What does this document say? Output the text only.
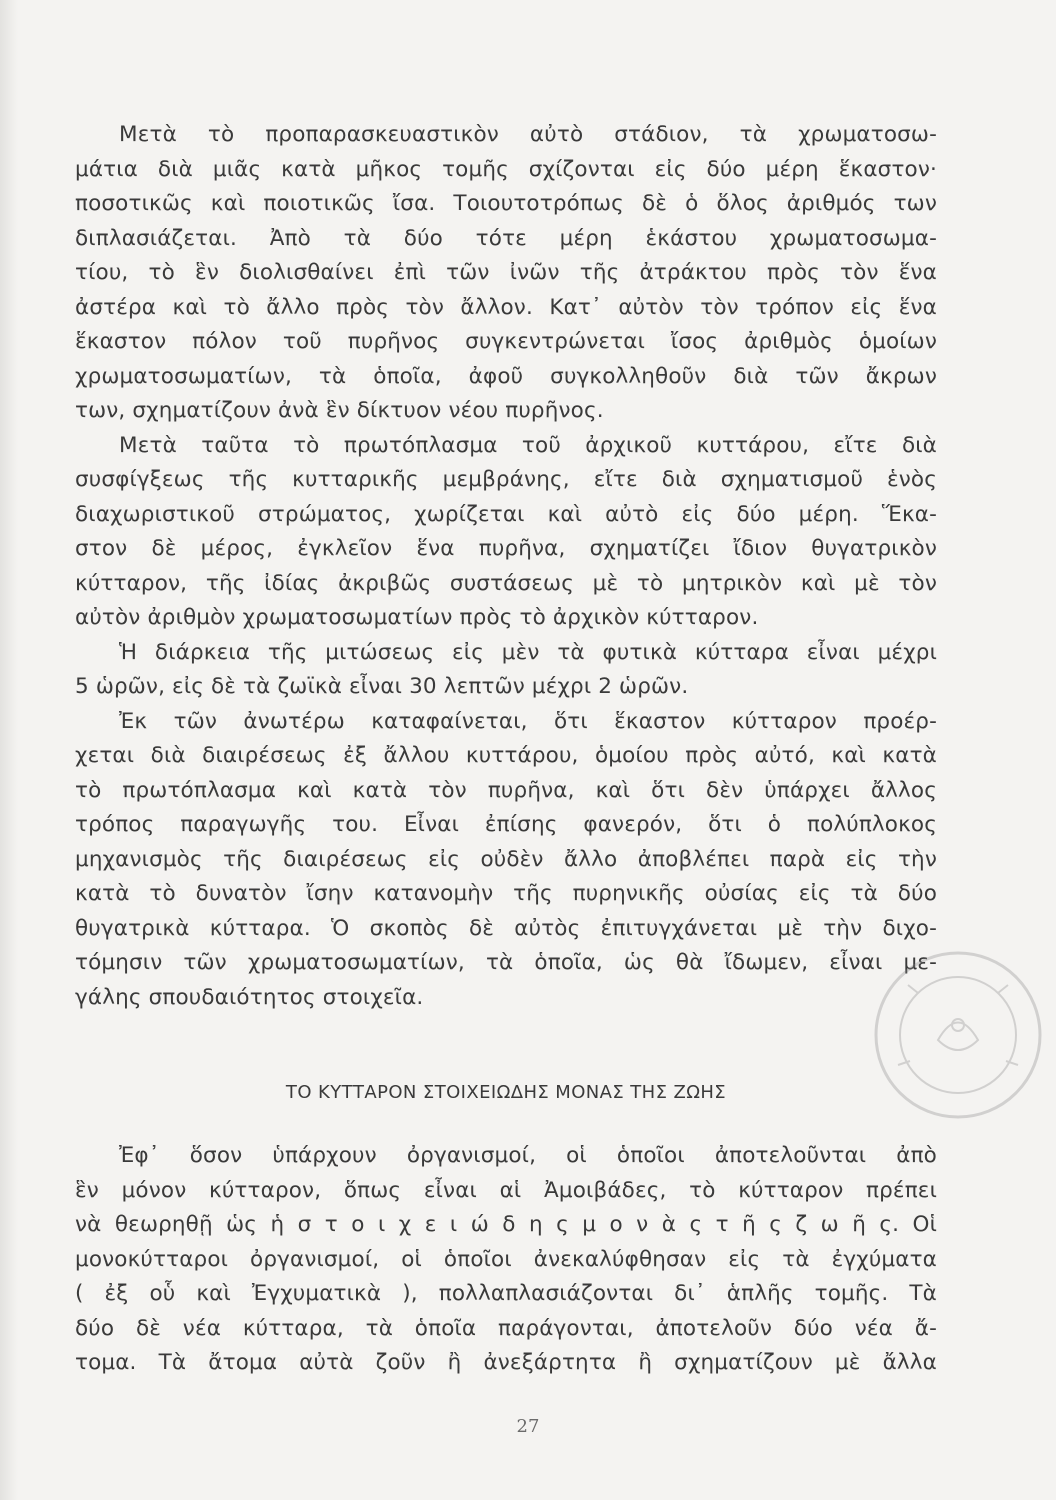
Μετὰ τὸ προπαρασκευαστικὸν αὐτὸ στάδιον, τὰ χρωματοσω-
μάτια διὰ μιᾶς κατὰ μῆκος τομῆς σχίζονται εἰς δύο μέρη ἕκαστον·
ποσοτικῶς καὶ ποιοτικῶς ἴσα. Τοιουτοτρόπως δὲ ὁ ὅλος ἀριθμός των
διπλασιάζεται. Ἀπὸ τὰ δύο τότε μέρη ἑκάστου χρωματοσωμα-
τίου, τὸ ἓν διολισθαίνει ἐπὶ τῶν ἰνῶν τῆς ἀτράκτου πρὸς τὸν ἕνα
ἀστέρα καὶ τὸ ἄλλο πρὸς τὸν ἄλλον. Κατ᾽ αὐτὸν τὸν τρόπον εἰς ἕνα
ἕκαστον πόλον τοῦ πυρῆνος συγκεντρώνεται ἴσος ἀριθμὸς ὁμοίων
χρωματοσωματίων, τὰ ὁποῖα, ἀφοῦ συγκολληθοῦν διὰ τῶν ἄκρων
των, σχηματίζουν ἀνὰ ἓν δίκτυον νέου πυρῆνος.
Μετὰ ταῦτα τὸ πρωτόπλασμα τοῦ ἀρχικοῦ κυττάρου, εἴτε διὰ
συσφίγξεως τῆς κυτταρικῆς μεμβράνης, εἴτε διὰ σχηματισμοῦ ἑνὸς
διαχωριστικοῦ στρώματος, χωρίζεται καὶ αὐτὸ εἰς δύο μέρη. Ἕκα-
στον δὲ μέρος, ἐγκλεῖον ἕνα πυρῆνα, σχηματίζει ἴδιον θυγατρικὸν
κύτταρον, τῆς ἰδίας ἀκριβῶς συστάσεως μὲ τὸ μητρικὸν καὶ μὲ τὸν
αὐτὸν ἀριθμὸν χρωματοσωματίων πρὸς τὸ ἀρχικὸν κύτταρον.
Ἡ διάρκεια τῆς μιτώσεως εἰς μὲν τὰ φυτικὰ κύτταρα εἶναι μέχρι
5 ὡρῶν, εἰς δὲ τὰ ζωϊκὰ εἶναι 30 λεπτῶν μέχρι 2 ὡρῶν.
Ἐκ τῶν ἀνωτέρω καταφαίνεται, ὅτι ἕκαστον κύτταρον προέρ-
χεται διὰ διαιρέσεως ἐξ ἄλλου κυττάρου, ὁμοίου πρὸς αὐτό, καὶ κατὰ
τὸ πρωτόπλασμα καὶ κατὰ τὸν πυρῆνα, καὶ ὅτι δὲν ὑπάρχει ἄλλος
τρόπος παραγωγῆς του. Εἶναι ἐπίσης φανερόν, ὅτι ὁ πολύπλοκος
μηχανισμὸς τῆς διαιρέσεως εἰς οὐδὲν ἄλλο ἀποβλέπει παρὰ εἰς τὴν
κατὰ τὸ δυνατὸν ἴσην κατανομὴν τῆς πυρηνικῆς οὐσίας εἰς τὰ δύο
θυγατρικὰ κύτταρα. Ὁ σκοπὸς δὲ αὐτὸς ἐπιτυγχάνεται μὲ τὴν διχο-
τόμησιν τῶν χρωματοσωματίων, τὰ ὁποῖα, ὡς θὰ ἴδωμεν, εἶναι με-
γάλης σπουδαιότητος στοιχεῖα.
ΤΟ ΚΥΤΤΑΡΟΝ ΣΤΟΙΧΕΙΩΔΗΣ ΜΟΝΑΣ ΤΗΣ ΖΩΗΣ
Ἐφ᾽ ὅσον ὑπάρχουν ὀργανισμοί, οἱ ὁποῖοι ἀποτελοῦνται ἀπὸ
ἓν μόνον κύτταρον, ὅπως εἶναι αἱ Ἀμοιβάδες, τὸ κύτταρον πρέπει
νὰ θεωρηθῇ ὡς ἡ σ τ ο ι χ ε ι ώ δ η ς μ ο ν ὰ ς τ ῆ ς ζ ω ῆ ς. Οἱ
μονοκύτταροι ὀργανισμοί, οἱ ὁποῖοι ἀνεκαλύφθησαν εἰς τὰ ἐγχύματα
( ἐξ οὗ καὶ Ἐγχυματικὰ ), πολλαπλασιάζονται δι᾽ ἁπλῆς τομῆς. Τὰ
δύο δὲ νέα κύτταρα, τὰ ὁποῖα παράγονται, ἀποτελοῦν δύο νέα ἄ-
τομα. Τὰ ἄτομα αὐτὰ ζοῦν ἢ ἀνεξάρτητα ἢ σχηματίζουν μὲ ἄλλα
27
